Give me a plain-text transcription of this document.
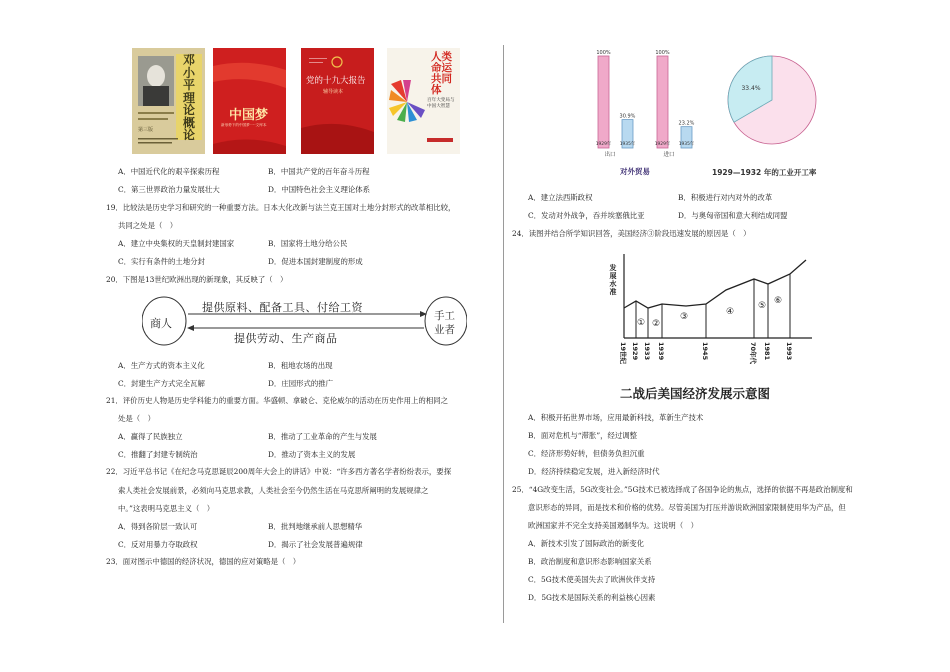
邓
小
平
理
论
概
论
第三版
中国梦
新形势下的中国梦·一·文库本
党的十九大报告
辅导读本
人类命运共同体
百年大变局与中国大智慧
A．中国近代化的艰辛探索历程	B．中国共产党的百年奋斗历程
C．第三世界政治力量发展壮大	D．中国特色社会主义理论体系
19．比较法是历史学习和研究的一种重要方法。日本大化改新与法兰克王国对土地分封形式的改革相比较，
共同之处是（　）
A．建立中央集权的天皇制封建国家	B．国家将土地分给公民
C．实行有条件的土地分封	D．促进本国封建制度的形成
20．下图是13世纪欧洲出现的新现象，其反映了（　）
商人
手工
业者
提供原料、配备工具、付给工资
提供劳动、生产商品
A．生产方式的资本主义化	B．租地农场的出现
C．封建生产方式完全瓦解	D．庄园形式的推广
21．评价历史人物是历史学科能力的重要方面。华盛顿、拿破仑、克伦威尔的活动在历史作用上的相同之
处是（　）
A．赢得了民族独立	B．推动了工业革命的产生与发展
C．推翻了封建专制统治	D．推动了资本主义的发展
22．习近平总书记《在纪念马克思诞辰200周年大会上的讲话》中说：“许多西方著名学者纷纷表示，要探
索人类社会发展前景，必须向马克思求教，人类社会至今仍然生活在马克思所阐明的发展规律之
中。”这表明马克思主义（　）
A．得到各阶层一致认可	B．批判地继承前人思想精华
C．反对用暴力夺取政权	D．揭示了社会发展普遍规律
23．面对图示中德国的经济状况，德国的应对策略是（　）
100%
1929年
30.9%
1935年
出口
100%
1929年
23.2%
1935年
进口
对外贸易
33.4%
1929—1932 年的工业开工率
A．建立法西斯政权	B．积极进行对内对外的改革
C．发动对外战争，吞并埃塞俄比亚	D．与奥匈帝国和意大利结成同盟
24．读图并结合所学知识回答，美国经济③阶段迅速发展的原因是（　）
发
展
水
准
① ②
③	④
⑤ ⑥
19世纪 1929 1933 1939	1945	70年代 1981 1993
二战后美国经济发展示意图
A．积极开拓世界市场，应用最新科技，革新生产技术
B．面对危机与“滞胀”，经过调整
C．经济形势好转，但债务负担沉重
D．经济持续稳定发展，进入新经济时代
25．“4G改变生活，5G改变社会。”5G技术已被选择成了各国争论的焦点，选择的依据不再是政治制度和
意识形态的异同，而是技术和价格的优势。尽管美国为打压并游说欧洲国家限制使用华为产品，但
欧洲国家并不完全支持美国遏制华为。这说明（　）
A．新技术引发了国际政治的新变化
B．政治制度和意识形态影响国家关系
C．5G技术使美国失去了欧洲伙伴支持
D．5G技术是国际关系的利益核心因素
